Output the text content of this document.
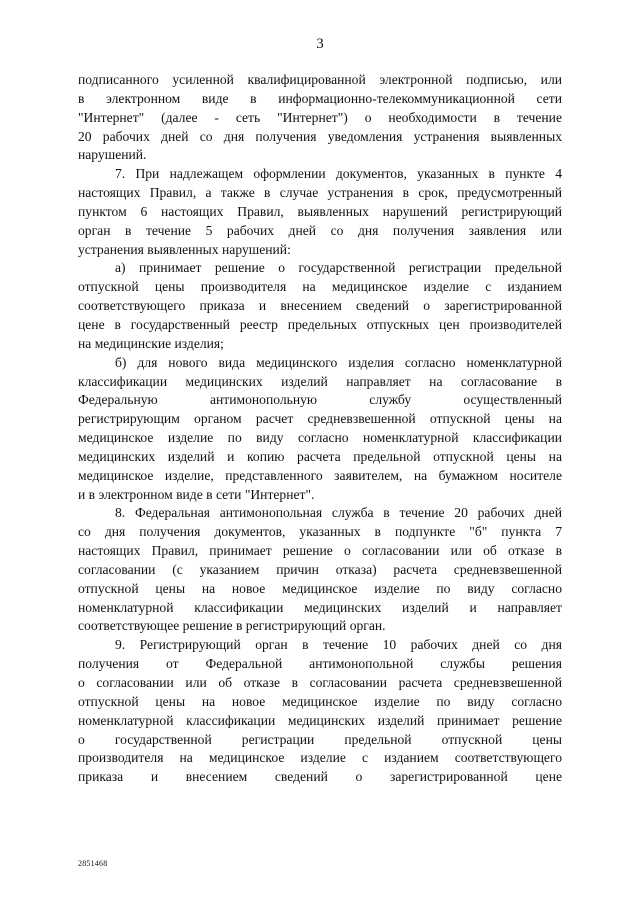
3
подписанного усиленной квалифицированной электронной подписью, или
в электронном виде в информационно-телекоммуникационной сети
"Интернет" (далее - сеть "Интернет") о необходимости в течение
20 рабочих дней со дня получения уведомления устранения выявленных
нарушений.
7. При надлежащем оформлении документов, указанных в пункте 4
настоящих Правил, а также в случае устранения в срок, предусмотренный
пунктом 6 настоящих Правил, выявленных нарушений регистрирующий
орган в течение 5 рабочих дней со дня получения заявления или
устранения выявленных нарушений:
а) принимает решение о государственной регистрации предельной
отпускной цены производителя на медицинское изделие с изданием
соответствующего приказа и внесением сведений о зарегистрированной
цене в государственный реестр предельных отпускных цен производителей
на медицинские изделия;
б) для нового вида медицинского изделия согласно номенклатурной
классификации медицинских изделий направляет на согласование в
Федеральную антимонопольную службу осуществленный
регистрирующим органом расчет средневзвешенной отпускной цены на
медицинское изделие по виду согласно номенклатурной классификации
медицинских изделий и копию расчета предельной отпускной цены на
медицинское изделие, представленного заявителем, на бумажном носителе
и в электронном виде в сети "Интернет".
8. Федеральная антимонопольная служба в течение 20 рабочих дней
со дня получения документов, указанных в подпункте "б" пункта 7
настоящих Правил, принимает решение о согласовании или об отказе в
согласовании (с указанием причин отказа) расчета средневзвешенной
отпускной цены на новое медицинское изделие по виду согласно
номенклатурной классификации медицинских изделий и направляет
соответствующее решение в регистрирующий орган.
9. Регистрирующий орган в течение 10 рабочих дней со дня
получения от Федеральной антимонопольной службы решения
о согласовании или об отказе в согласовании расчета средневзвешенной
отпускной цены на новое медицинское изделие по виду согласно
номенклатурной классификации медицинских изделий принимает решение
о государственной регистрации предельной отпускной цены
производителя на медицинское изделие с изданием соответствующего
приказа и внесением сведений о зарегистрированной цене
2851468
